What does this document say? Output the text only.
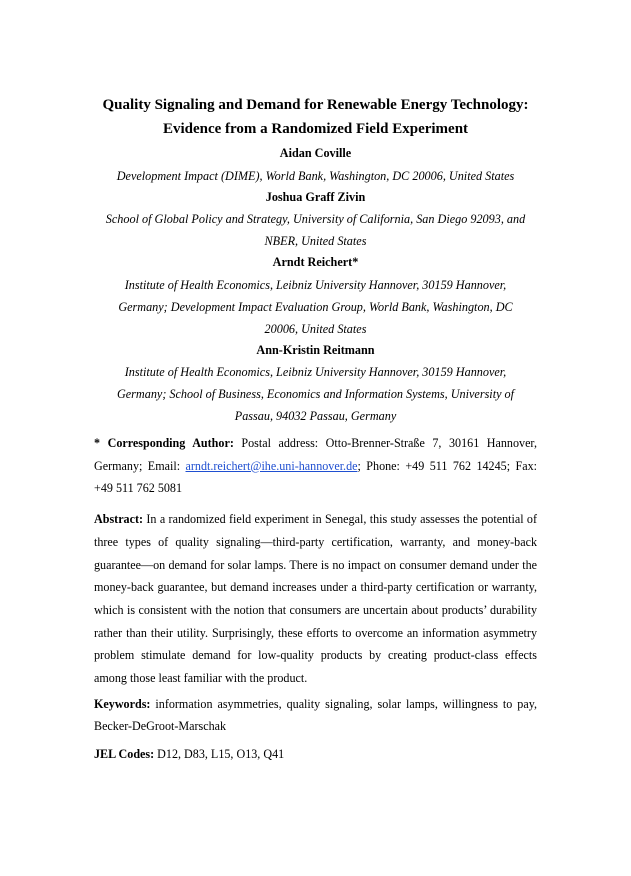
Quality Signaling and Demand for Renewable Energy Technology:
Evidence from a Randomized Field Experiment

Aidan Coville

Development Impact (DIME), World Bank, Washington, DC 20006, United States

Joshua Graff Zivin

School of Global Policy and Strategy, University of California, San Diego 92093, and
NBER, United States

Arndt Reichert*

Institute of Health Economics, Leibniz University Hannover, 30159 Hannover,
Germany; Development Impact Evaluation Group, World Bank, Washington, DC
20006, United States

Ann-Kristin Reitmann

Institute of Health Economics, Leibniz University Hannover, 30159 Hannover,
Germany; School of Business, Economics and Information Systems, University of
Passau, 94032 Passau, Germany

* Corresponding Author: Postal address: Otto-Brenner-Straße 7, 30161 Hannover, Germany; Email: arndt.reichert@ihe.uni-hannover.de; Phone: +49 511 762 14245; Fax: +49 511 762 5081

Abstract: In a randomized field experiment in Senegal, this study assesses the potential of three types of quality signaling—third-party certification, warranty, and money-back guarantee—on demand for solar lamps. There is no impact on consumer demand under the money-back guarantee, but demand increases under a third-party certification or warranty, which is consistent with the notion that consumers are uncertain about products’ durability rather than their utility. Surprisingly, these efforts to overcome an information asymmetry problem stimulate demand for low-quality products by creating product-class effects among those least familiar with the product.

Keywords: information asymmetries, quality signaling, solar lamps, willingness to pay, Becker-DeGroot-Marschak

JEL Codes: D12, D83, L15, O13, Q41
